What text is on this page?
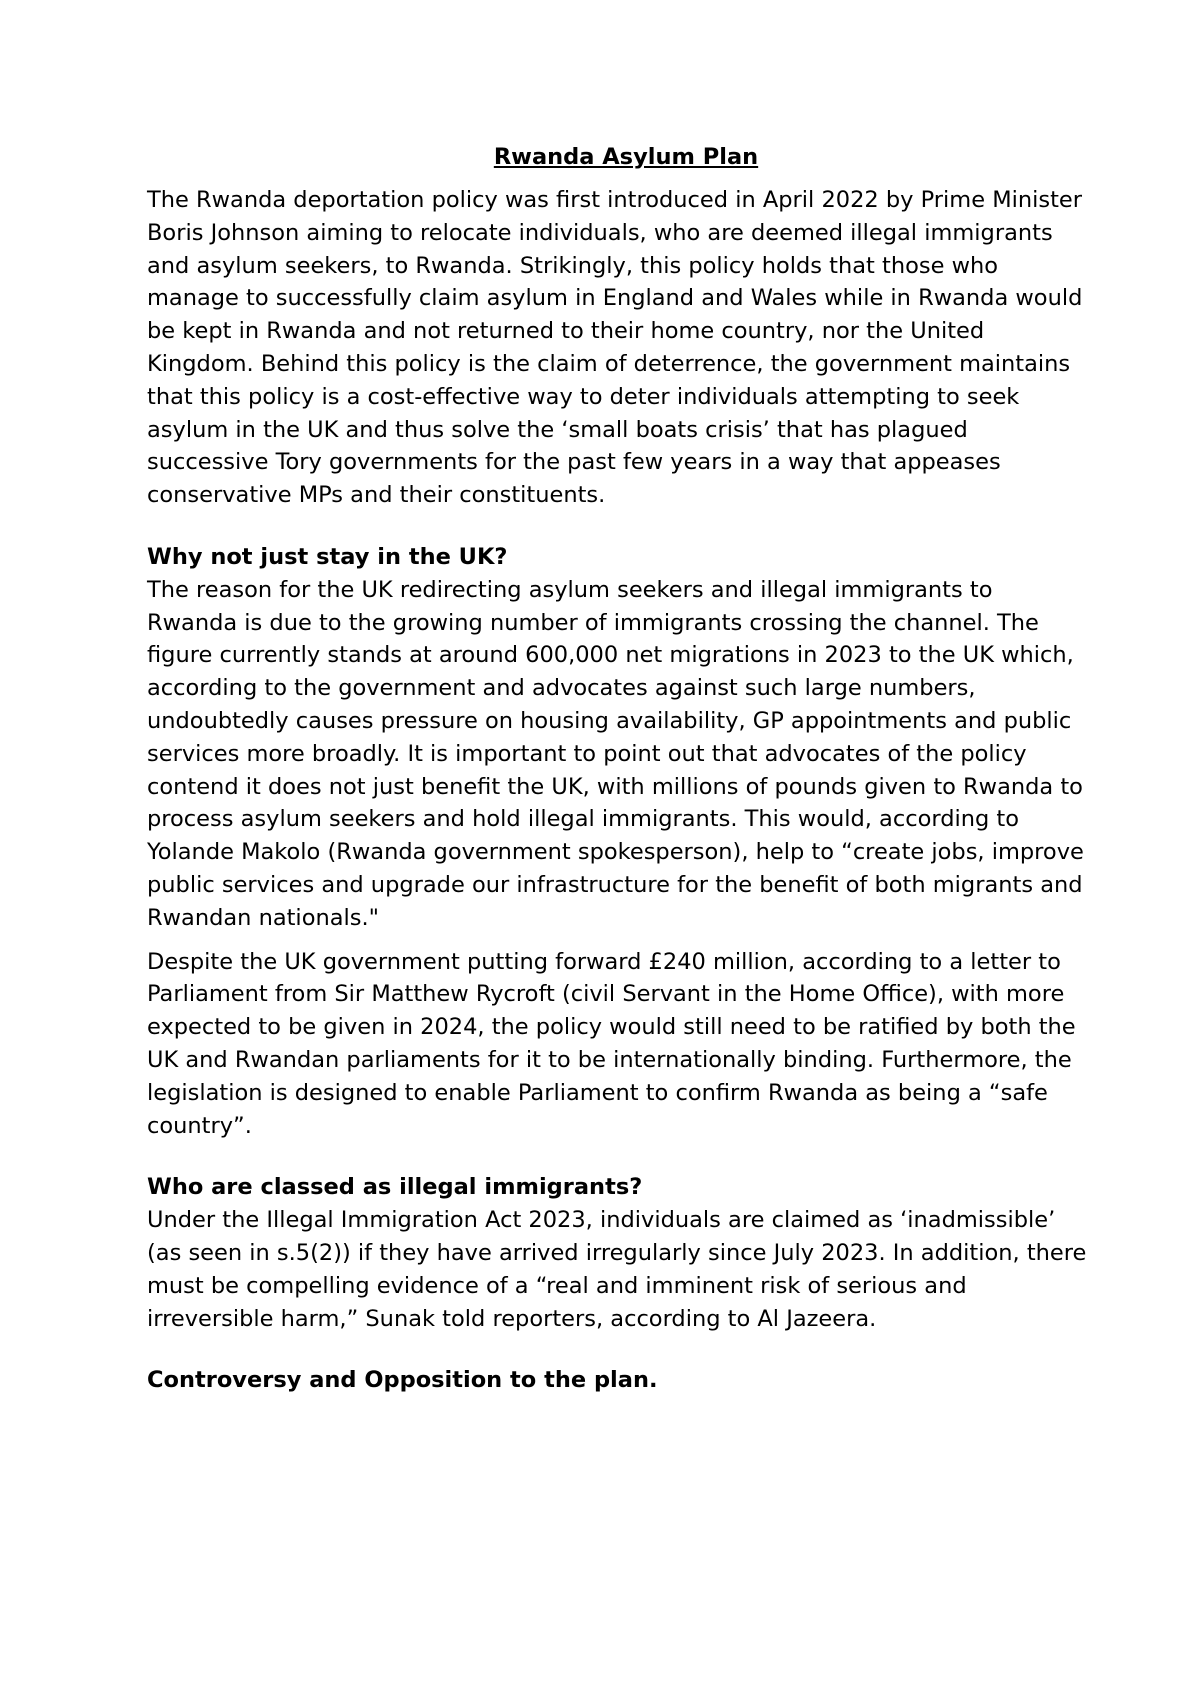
Rwanda Asylum Plan

The Rwanda deportation policy was first introduced in April 2022 by Prime Minister Boris Johnson aiming to relocate individuals, who are deemed illegal immigrants and asylum seekers, to Rwanda. Strikingly, this policy holds that those who manage to successfully claim asylum in England and Wales while in Rwanda would be kept in Rwanda and not returned to their home country, nor the United Kingdom. Behind this policy is the claim of deterrence, the government maintains that this policy is a cost-effective way to deter individuals attempting to seek asylum in the UK and thus solve the ‘small boats crisis’ that has plagued successive Tory governments for the past few years in a way that appeases conservative MPs and their constituents.

Why not just stay in the UK?

The reason for the UK redirecting asylum seekers and illegal immigrants to Rwanda is due to the growing number of immigrants crossing the channel. The figure currently stands at around 600,000 net migrations in 2023 to the UK which, according to the government and advocates against such large numbers, undoubtedly causes pressure on housing availability, GP appointments and public services more broadly. It is important to point out that advocates of the policy contend it does not just benefit the UK, with millions of pounds given to Rwanda to process asylum seekers and hold illegal immigrants. This would, according to Yolande Makolo (Rwanda government spokesperson), help to “create jobs, improve public services and upgrade our infrastructure for the benefit of both migrants and Rwandan nationals."

Despite the UK government putting forward £240 million, according to a letter to Parliament from Sir Matthew Rycroft (civil Servant in the Home Office), with more expected to be given in 2024, the policy would still need to be ratified by both the UK and Rwandan parliaments for it to be internationally binding. Furthermore, the legislation is designed to enable Parliament to confirm Rwanda as being a “safe country”.

Who are classed as illegal immigrants?

Under the Illegal Immigration Act 2023, individuals are claimed as ‘inadmissible’ (as seen in s.5(2)) if they have arrived irregularly since July 2023. In addition, there must be compelling evidence of a “real and imminent risk of serious and irreversible harm,” Sunak told reporters, according to Al Jazeera.

Controversy and Opposition to the plan.
